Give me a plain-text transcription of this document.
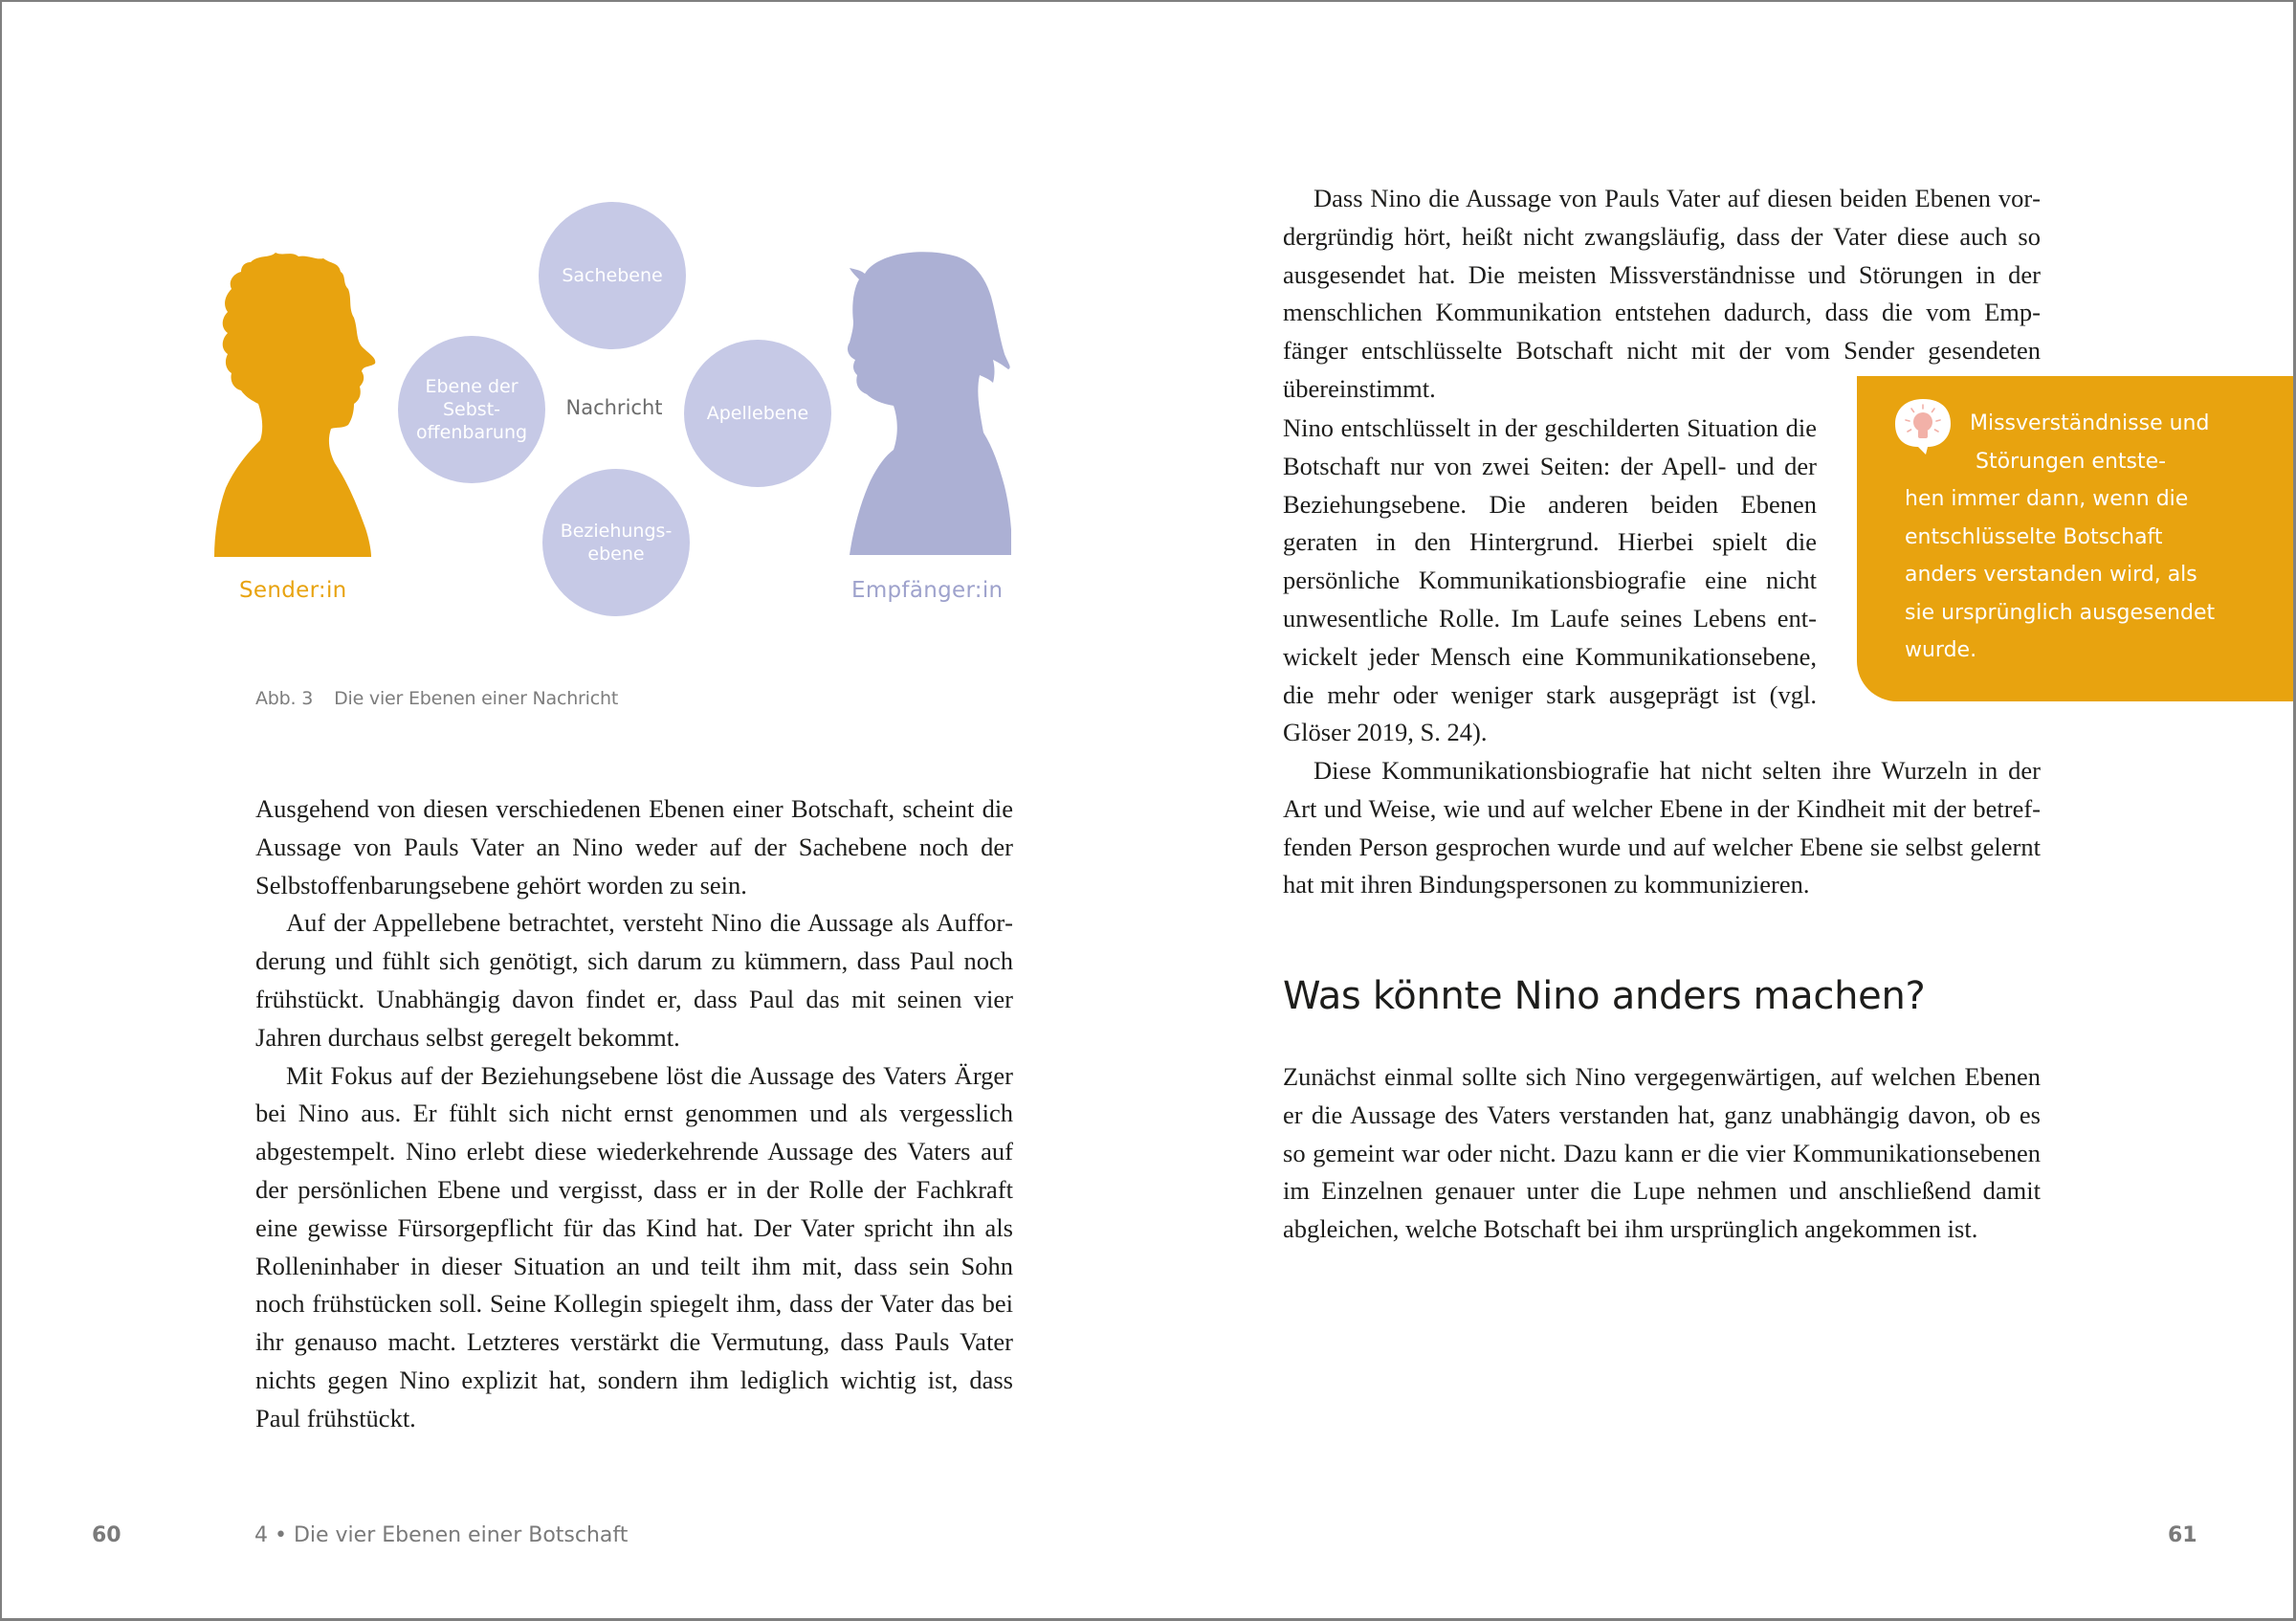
Sender:in	Empfänger:in
Sachebene
Ebene der
Sebst-
offenbarung
Apellebene
Beziehungs-
ebene
Nachricht
Abb. 3 Die vier Ebenen einer Nachricht

Ausgehend von diesen verschiedenen Ebenen einer Botschaft, scheint die Aussage von Pauls Vater an Nino weder auf der Sachebene noch der Selbstoffenbarungsebene gehört worden zu sein.

Auf der Appellebene betrachtet, versteht Nino die Aussage als Aufforderung und fühlt sich genötigt, sich darum zu kümmern, dass Paul noch frühstückt. Unabhängig davon findet er, dass Paul das mit seinen vier Jahren durchaus selbst geregelt bekommt.

Mit Fokus auf der Beziehungsebene löst die Aussage des Vaters Ärger bei Nino aus. Er fühlt sich nicht ernst genommen und als vergesslich abgestempelt. Nino erlebt diese wiederkehrende Aussage des Vaters auf der persönlichen Ebene und vergisst, dass er in der Rolle der Fachkraft eine gewisse Fürsorgepflicht für das Kind hat. Der Vater spricht ihn als Rolleninhaber in dieser Situation an und teilt ihm mit, dass sein Sohn noch frühstücken soll. Seine Kollegin spiegelt ihm, dass der Vater das bei ihr genauso macht. Letzteres verstärkt die Vermutung, dass Pauls Vater nichts gegen Nino explizit hat, sondern ihm lediglich wichtig ist, dass Paul frühstückt.

60	4 • Die vier Ebenen einer Botschaft

Dass Nino die Aussage von Pauls Vater auf diesen beiden Ebenen vordergründig hört, heißt nicht zwangsläufig, dass der Vater diese auch so ausgesendet hat. Die meisten Missverständnisse und Störungen in der menschlichen Kommunikation entstehen dadurch, dass die vom Empfänger entschlüsselte Botschaft nicht mit der vom Sender gesendeten übereinstimmt.

Nino entschlüsselt in der geschilderten Situation die Botschaft nur von zwei Seiten: der Apell- und der Beziehungsebene. Die anderen beiden Ebenen geraten in den Hintergrund. Hierbei spielt die persönliche Kommunikationsbiografie eine nicht unwesentliche Rolle. Im Laufe seines Lebens entwickelt jeder Mensch eine Kommunikationsebene, die mehr oder weniger stark ausgeprägt ist (vgl. Glöser 2019, S. 24).

Missverständnisse und
Störungen entste-
hen immer dann, wenn die
entschlüsselte Botschaft
anders verstanden wird, als
sie ursprünglich ausgesendet
wurde.

Diese Kommunikationsbiografie hat nicht selten ihre Wurzeln in der Art und Weise, wie und auf welcher Ebene in der Kindheit mit der betreffenden Person gesprochen wurde und auf welcher Ebene sie selbst gelernt hat mit ihren Bindungspersonen zu kommunizieren.

Was könnte Nino anders machen?

Zunächst einmal sollte sich Nino vergegenwärtigen, auf welchen Ebenen er die Aussage des Vaters verstanden hat, ganz unabhängig davon, ob es so gemeint war oder nicht. Dazu kann er die vier Kommunikationsebenen im Einzelnen genauer unter die Lupe nehmen und anschließend damit abgleichen, welche Botschaft bei ihm ursprünglich angekommen ist.

61
